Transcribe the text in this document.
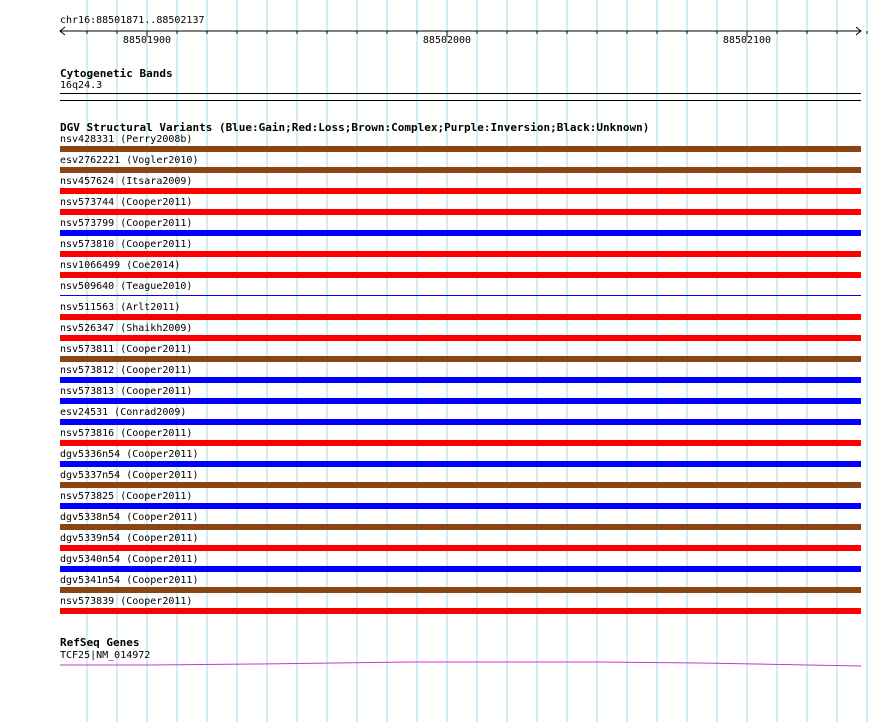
chr16:88501871..88502137
88501900	88502000	88502100
Cytogenetic Bands
16q24.3
DGV Structural Variants (Blue:Gain;Red:Loss;Brown:Complex;Purple:Inversion;Black:Unknown)
nsv428331 (Perry2008b)
esv2762221 (Vogler2010)
nsv457624 (Itsara2009)
nsv573744 (Cooper2011)
nsv573799 (Cooper2011)
nsv573810 (Cooper2011)
nsv1066499 (Coe2014)
nsv509640 (Teague2010)
nsv511563 (Arlt2011)
nsv526347 (Shaikh2009)
nsv573811 (Cooper2011)
nsv573812 (Cooper2011)
nsv573813 (Cooper2011)
esv24531 (Conrad2009)
nsv573816 (Cooper2011)
dgv5336n54 (Cooper2011)
dgv5337n54 (Cooper2011)
nsv573825 (Cooper2011)
dgv5338n54 (Cooper2011)
dgv5339n54 (Cooper2011)
dgv5340n54 (Cooper2011)
dgv5341n54 (Cooper2011)
nsv573839 (Cooper2011)
RefSeq Genes
TCF25|NM_014972
